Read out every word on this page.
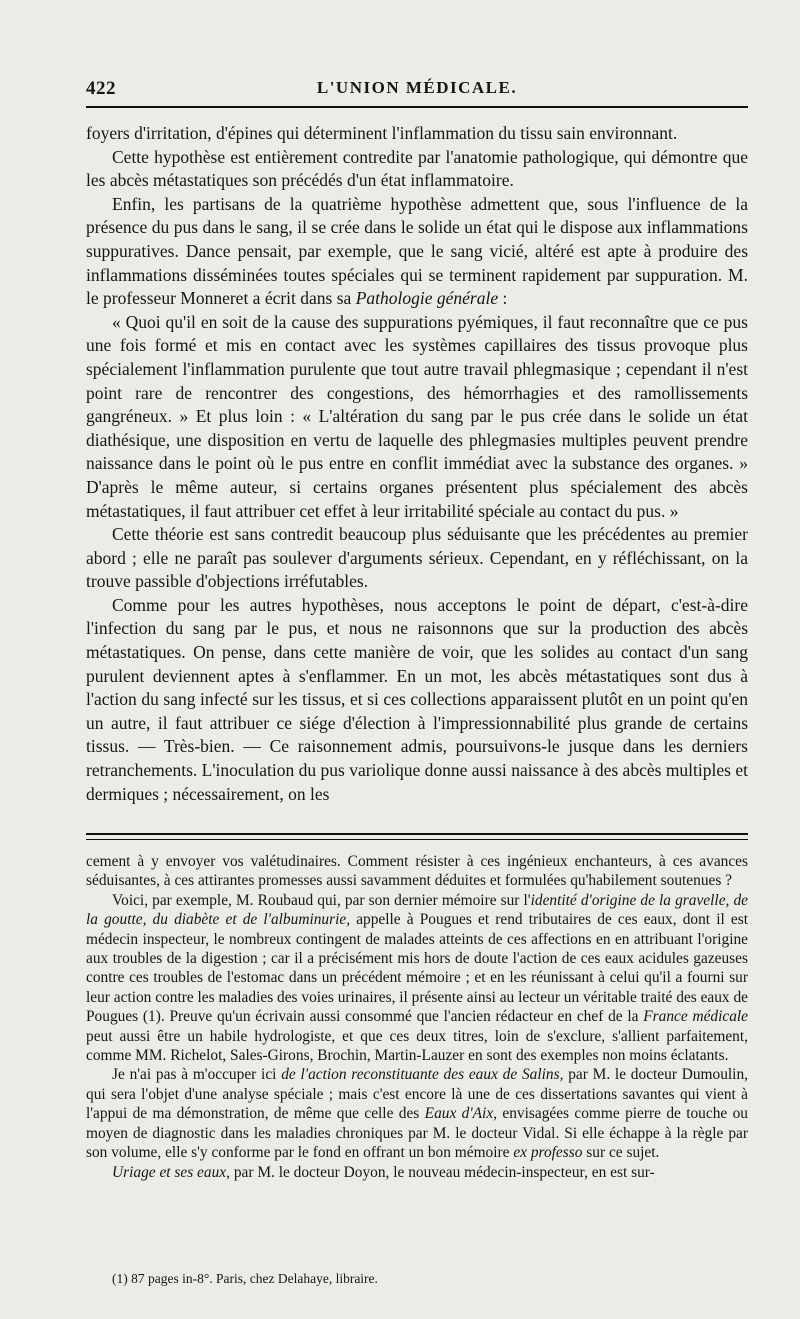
422	L'UNION MÉDICALE.

foyers d'irritation, d'épines qui déterminent l'inflammation du tissu sain environnant.

Cette hypothèse est entièrement contredite par l'anatomie pathologique, qui démontre que les abcès métastatiques son précédés d'un état inflammatoire.

Enfin, les partisans de la quatrième hypothèse admettent que, sous l'influence de la présence du pus dans le sang, il se crée dans le solide un état qui le dispose aux inflammations suppuratives. Dance pensait, par exemple, que le sang vicié, altéré est apte à produire des inflammations disséminées toutes spéciales qui se terminent rapidement par suppuration. M. le professeur Monneret a écrit dans sa Pathologie générale :

« Quoi qu'il en soit de la cause des suppurations pyémiques, il faut reconnaître que ce pus une fois formé et mis en contact avec les systèmes capillaires des tissus provoque plus spécialement l'inflammation purulente que tout autre travail phlegmasique ; cependant il n'est point rare de rencontrer des congestions, des hémorrhagies et des ramollissements gangréneux. » Et plus loin : « L'altération du sang par le pus crée dans le solide un état diathésique, une disposition en vertu de laquelle des phlegmasies multiples peuvent prendre naissance dans le point où le pus entre en conflit immédiat avec la substance des organes. » D'après le même auteur, si certains organes présentent plus spécialement des abcès métastatiques, il faut attribuer cet effet à leur irritabilité spéciale au contact du pus. »

Cette théorie est sans contredit beaucoup plus séduisante que les précédentes au premier abord ; elle ne paraît pas soulever d'arguments sérieux. Cependant, en y réfléchissant, on la trouve passible d'objections irréfutables.

Comme pour les autres hypothèses, nous acceptons le point de départ, c'est-à-dire l'infection du sang par le pus, et nous ne raisonnons que sur la production des abcès métastatiques. On pense, dans cette manière de voir, que les solides au contact d'un sang purulent deviennent aptes à s'enflammer. En un mot, les abcès métastatiques sont dus à l'action du sang infecté sur les tissus, et si ces collections apparaissent plutôt en un point qu'en un autre, il faut attribuer ce siége d'élection à l'impressionnabilité plus grande de certains tissus. — Très-bien. — Ce raisonnement admis, poursuivons-le jusque dans les derniers retranchements. L'inoculation du pus variolique donne aussi naissance à des abcès multiples et dermiques ; nécessairement, on les

cement à y envoyer vos valétudinaires. Comment résister à ces ingénieux enchanteurs, à ces avances séduisantes, à ces attirantes promesses aussi savamment déduites et formulées qu'habilement soutenues ?

Voici, par exemple, M. Roubaud qui, par son dernier mémoire sur l'identité d'origine de la gravelle, de la goutte, du diabète et de l'albuminurie, appelle à Pougues et rend tributaires de ces eaux, dont il est médecin inspecteur, le nombreux contingent de malades atteints de ces affections en en attribuant l'origine aux troubles de la digestion ; car il a précisément mis hors de doute l'action de ces eaux acidules gazeuses contre ces troubles de l'estomac dans un précédent mémoire ; et en les réunissant à celui qu'il a fourni sur leur action contre les maladies des voies urinaires, il présente ainsi au lecteur un véritable traité des eaux de Pougues (1). Preuve qu'un écrivain aussi consommé que l'ancien rédacteur en chef de la France médicale peut aussi être un habile hydrologiste, et que ces deux titres, loin de s'exclure, s'allient parfaitement, comme MM. Richelot, Sales-Girons, Brochin, Martin-Lauzer en sont des exemples non moins éclatants.

Je n'ai pas à m'occuper ici de l'action reconstituante des eaux de Salins, par M. le docteur Dumoulin, qui sera l'objet d'une analyse spéciale ; mais c'est encore là une de ces dissertations savantes qui vient à l'appui de ma démonstration, de même que celle des Eaux d'Aix, envisagées comme pierre de touche ou moyen de diagnostic dans les maladies chroniques par M. le docteur Vidal. Si elle échappe à la règle par son volume, elle s'y conforme par le fond en offrant un bon mémoire ex professo sur ce sujet.

Uriage et ses eaux, par M. le docteur Doyon, le nouveau médecin-inspecteur, en est sur-

(1) 87 pages in-8°. Paris, chez Delahaye, libraire.
